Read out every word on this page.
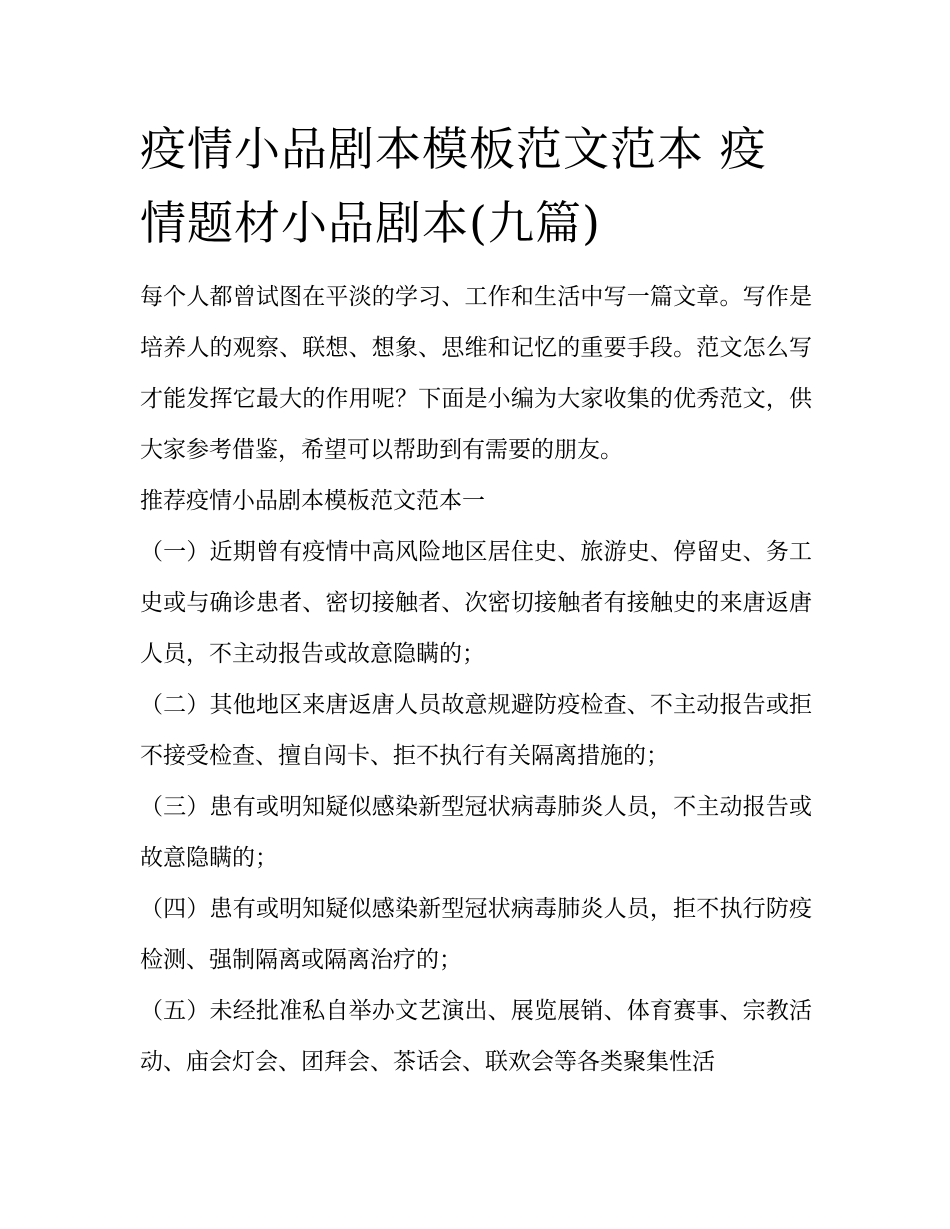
疫情小品剧本模板范文范本 疫情题材小品剧本(九篇)

每个人都曾试图在平淡的学习、工作和生活中写一篇文章。写作是培养人的观察、联想、想象、思维和记忆的重要手段。范文怎么写才能发挥它最大的作用呢？下面是小编为大家收集的优秀范文，供大家参考借鉴，希望可以帮助到有需要的朋友。

推荐疫情小品剧本模板范文范本一

（一）近期曾有疫情中高风险地区居住史、旅游史、停留史、务工史或与确诊患者、密切接触者、次密切接触者有接触史的来唐返唐人员，不主动报告或故意隐瞒的；

（二）其他地区来唐返唐人员故意规避防疫检查、不主动报告或拒不接受检查、擅自闯卡、拒不执行有关隔离措施的；

（三）患有或明知疑似感染新型冠状病毒肺炎人员，不主动报告或故意隐瞒的；

（四）患有或明知疑似感染新型冠状病毒肺炎人员，拒不执行防疫检测、强制隔离或隔离治疗的；

（五）未经批准私自举办文艺演出、展览展销、体育赛事、宗教活动、庙会灯会、团拜会、茶话会、联欢会等各类聚集性活
